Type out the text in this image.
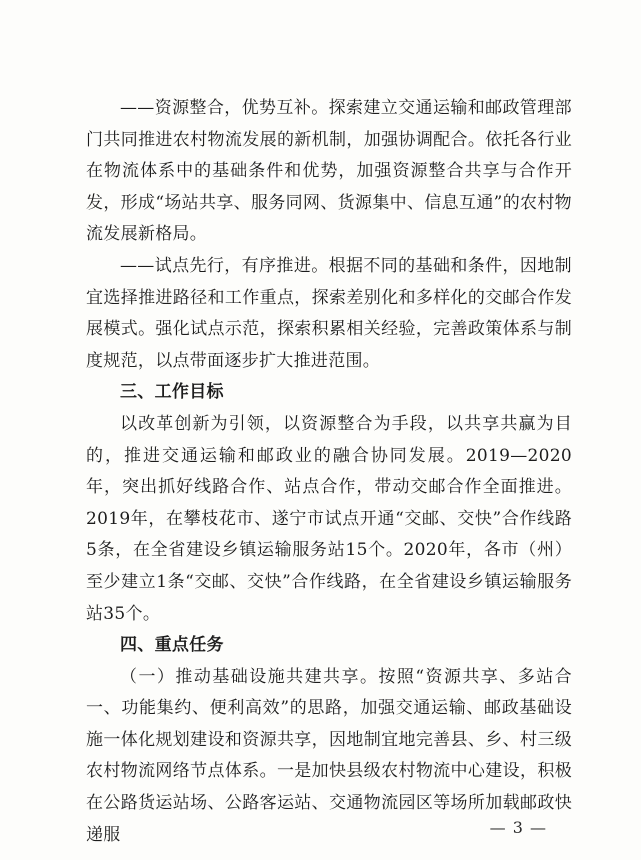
——资源整合，优势互补。探索建立交通运输和邮政管理部门共同推进农村物流发展的新机制，加强协调配合。依托各行业在物流体系中的基础条件和优势，加强资源整合共享与合作开发，形成“场站共享、服务同网、货源集中、信息互通”的农村物流发展新格局。

——试点先行，有序推进。根据不同的基础和条件，因地制宜选择推进路径和工作重点，探索差别化和多样化的交邮合作发展模式。强化试点示范，探索积累相关经验，完善政策体系与制度规范，以点带面逐步扩大推进范围。

三、工作目标

以改革创新为引领，以资源整合为手段，以共享共赢为目的，推进交通运输和邮政业的融合协同发展。2019—2020年，突出抓好线路合作、站点合作，带动交邮合作全面推进。2019年，在攀枝花市、遂宁市试点开通“交邮、交快”合作线路5条，在全省建设乡镇运输服务站15个。2020年，各市（州）至少建立1条“交邮、交快”合作线路，在全省建设乡镇运输服务站35个。

四、重点任务

（一）推动基础设施共建共享。按照“资源共享、多站合一、功能集约、便利高效”的思路，加强交通运输、邮政基础设施一体化规划建设和资源共享，因地制宜地完善县、乡、村三级农村物流网络节点体系。一是加快县级农村物流中心建设，积极在公路货运站场、公路客运站、交通物流园区等场所加载邮政快递服	— 3 —
